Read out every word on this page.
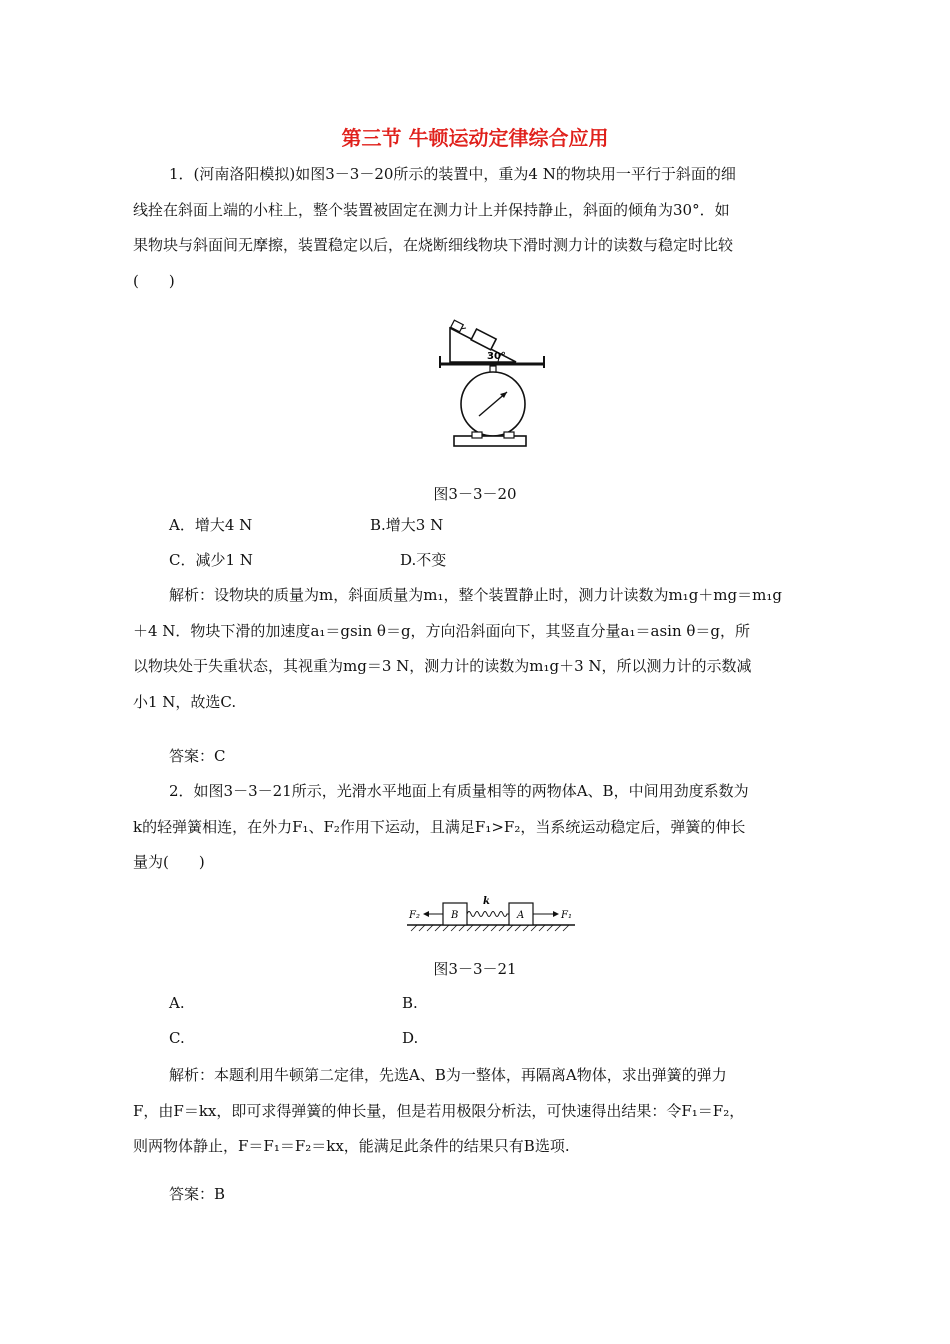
第三节 牛顿运动定律综合应用
1．(河南洛阳模拟)如图3－3－20所示的装置中，重为4 N的物块用一平行于斜面的细
线拴在斜面上端的小柱上，整个装置被固定在测力计上并保持静止，斜面的倾角为30°．如
果物块与斜面间无摩擦，装置稳定以后，在烧断细线物块下滑时测力计的读数与稳定时比较
(　　)
30°
图3－3－20
A．增大4 N	B.增大3 N
C．减少1 N	D.不变
解析：设物块的质量为m，斜面质量为m₁，整个装置静止时，测力计读数为m₁g＋mg＝m₁g
＋4 N．物块下滑的加速度a₁＝gsin θ＝g，方向沿斜面向下，其竖直分量a₁＝asin θ＝g，所
以物块处于失重状态，其视重为mg＝3 N，测力计的读数为m₁g＋3 N，所以测力计的示数减
小1 N，故选C.
答案：C
2．如图3－3－21所示，光滑水平地面上有质量相等的两物体A、B，中间用劲度系数为
k的轻弹簧相连，在外力F₁、F₂作用下运动，且满足F₁>F₂，当系统运动稳定后，弹簧的伸长
量为(　　)
F₂	B
k
A	F₁
图3－3－21
A.	B.
C.	D.
解析：本题利用牛顿第二定律，先选A、B为一整体，再隔离A物体，求出弹簧的弹力
F，由F＝kx，即可求得弹簧的伸长量，但是若用极限分析法，可快速得出结果：令F₁＝F₂，
则两物体静止，F＝F₁＝F₂＝kx，能满足此条件的结果只有B选项.
答案：B
